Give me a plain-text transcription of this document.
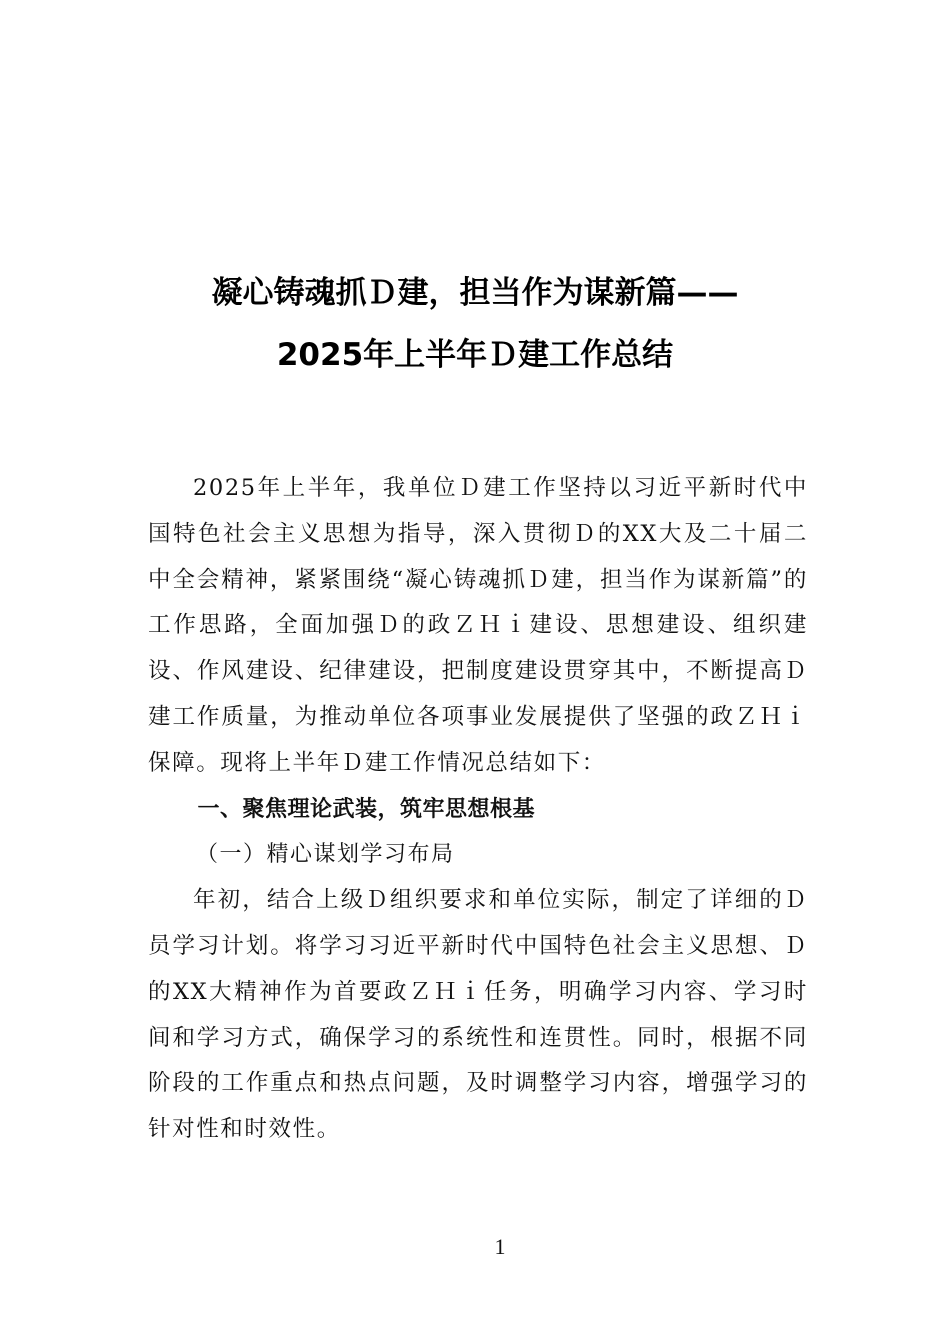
凝心铸魂抓Ｄ建，担当作为谋新篇——
2025年上半年Ｄ建工作总结

2025年上半年，我单位Ｄ建工作坚持以习近平新时代中国特色社会主义思想为指导，深入贯彻Ｄ的XX大及二十届二中全会精神，紧紧围绕“凝心铸魂抓Ｄ建，担当作为谋新篇”的工作思路，全面加强Ｄ的政ＺＨｉ建设、思想建设、组织建设、作风建设、纪律建设，把制度建设贯穿其中，不断提高Ｄ建工作质量，为推动单位各项事业发展提供了坚强的政ＺＨｉ保障。现将上半年Ｄ建工作情况总结如下：

一、聚焦理论武装，筑牢思想根基

（一）精心谋划学习布局

年初，结合上级Ｄ组织要求和单位实际，制定了详细的Ｄ员学习计划。将学习习近平新时代中国特色社会主义思想、Ｄ的XX大精神作为首要政ＺＨｉ任务，明确学习内容、学习时间和学习方式，确保学习的系统性和连贯性。同时，根据不同阶段的工作重点和热点问题，及时调整学习内容，增强学习的针对性和时效性。

1
